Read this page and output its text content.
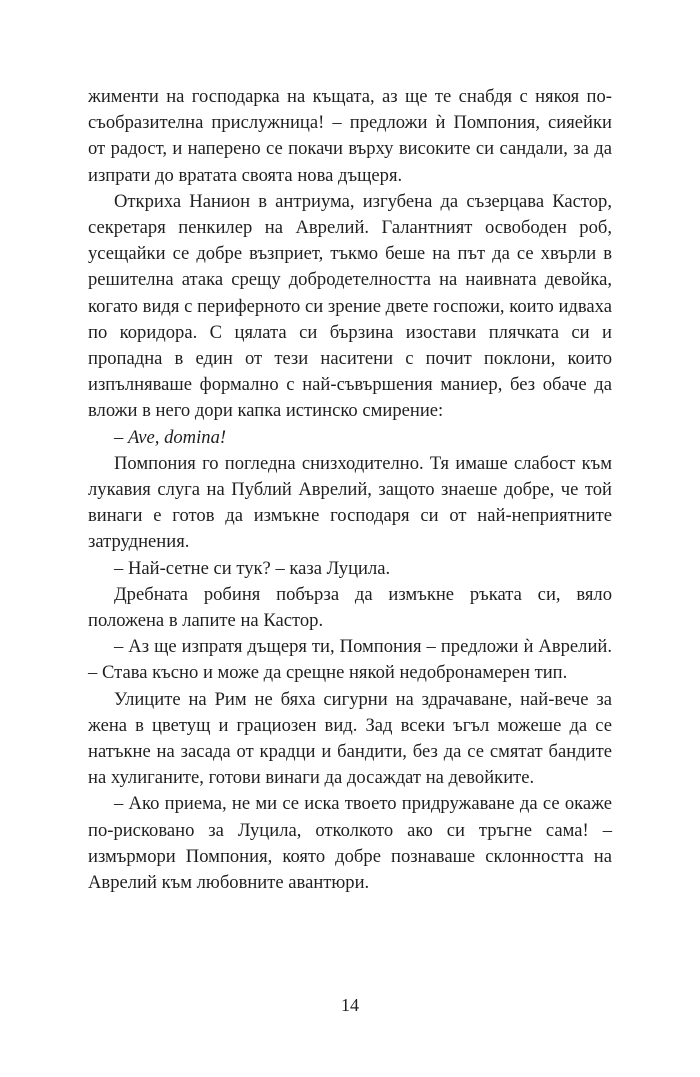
жименти на господарка на къщата, аз ще те снабдя с някоя по-съобразителна прислужница! – предложи ѝ Помпония, сияейки от радост, и наперено се покачи върху високите си сандали, за да изпрати до вратата своята нова дъщеря.

Откриха Нанион в антриума, изгубена да съзерцава Кастор, секретаря пенкилер на Аврелий. Галантният освободен роб, усещайки се добре възприет, тъкмо беше на път да се хвърли в решителна атака срещу добродетелността на наивната девойка, когато видя с периферното си зрение двете госпожи, които идваха по коридора. С цялата си бързина изостави плячката си и пропадна в един от тези наситени с почит поклони, които изпълняваше формално с най-съвършения маниер, без обаче да вложи в него дори капка истинско смирение:

– Ave, domina!

Помпония го погледна снизходително. Тя имаше слабост към лукавия слуга на Публий Аврелий, защото знаеше добре, че той винаги е готов да измъкне господаря си от най-неприятните затруднения.

– Най-сетне си тук? – каза Луцила.

Дребната робиня побърза да измъкне ръката си, вяло положена в лапите на Кастор.

– Аз ще изпратя дъщеря ти, Помпония – предложи ѝ Аврелий. – Става късно и може да срещне някой недобронамерен тип.

Улиците на Рим не бяха сигурни на здрачаване, най-вече за жена в цветущ и грациозен вид. Зад всеки ъгъл можеше да се натъкне на засада от крадци и бандити, без да се смятат бандите на хулиганите, готови винаги да досаждат на девойките.

– Ако приема, не ми се иска твоето придружаване да се окаже по-рисковано за Луцила, отколкото ако си тръгне сама! – измърмори Помпония, която добре познаваше склонността на Аврелий към любовните авантюри.

14
